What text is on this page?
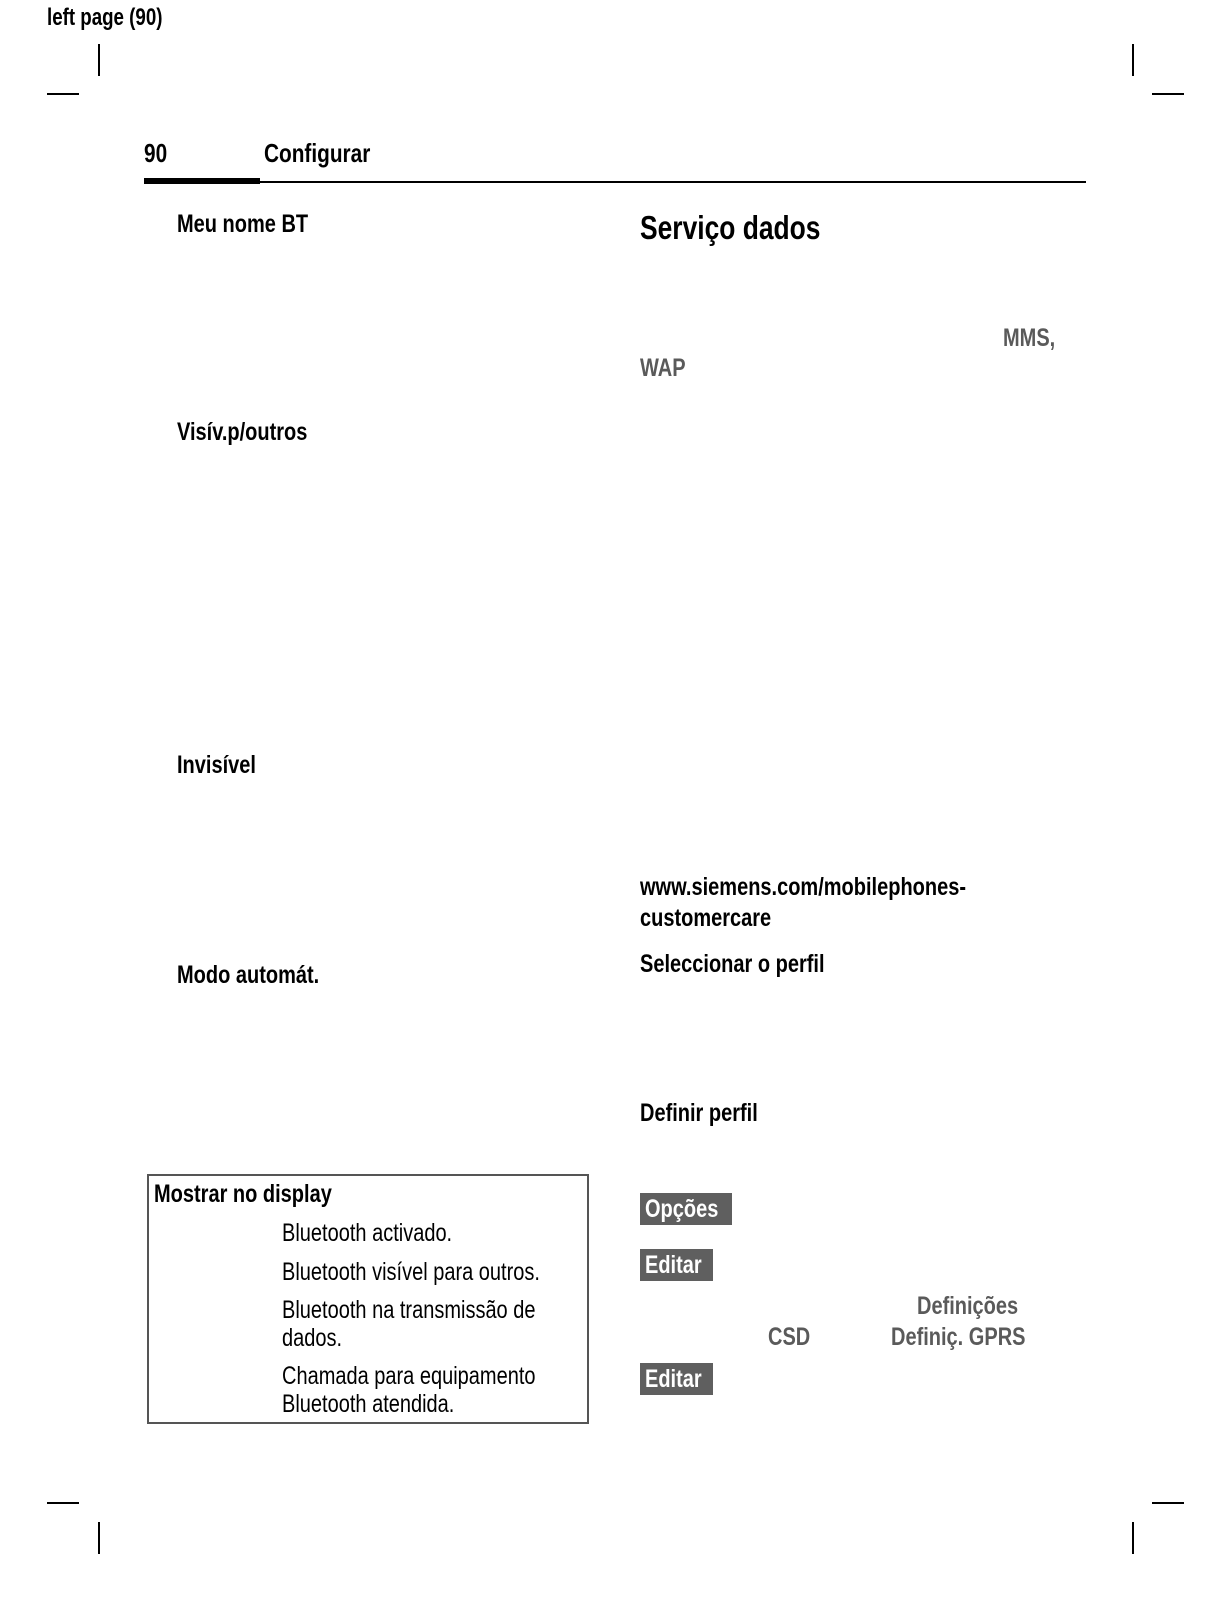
left page (90)
90	Configurar
Meu nome BT
Visív.p/outros
Invisível
Modo automát.
Mostrar no display
Bluetooth activado.
Bluetooth visível para outros.
Bluetooth na transmissão de
dados.
Chamada para equipamento
Bluetooth atendida.
Serviço dados
MMS,
WAP
www.siemens.com/mobilephones-
customercare
Seleccionar o perfil
Definir perfil
Opções
Editar
Editar
Definições
CSD	Definiç. GPRS
